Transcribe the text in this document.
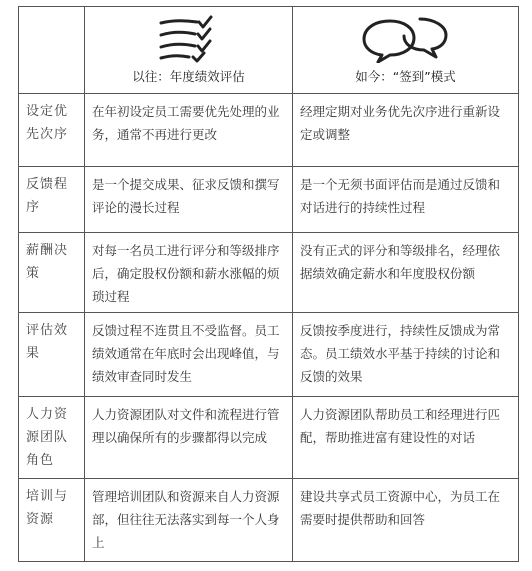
	以往：年度绩效评估	如今：“签到”模式

设定优先次序	在年初设定员工需要优先处理的业务，通常不再进行更改	经理定期对业务优先次序进行重新设定或调整
反馈程序	是一个提交成果、征求反馈和撰写评论的漫长过程	是一个无须书面评估而是通过反馈和对话进行的持续性过程
薪酬决策	对每一名员工进行评分和等级排序后，确定股权份额和薪水涨幅的烦琐过程	没有正式的评分和等级排名，经理依据绩效确定薪水和年度股权份额
评估效果	反馈过程不连贯且不受监督。员工绩效通常在年底时会出现峰值，与绩效审查同时发生	反馈按季度进行，持续性反馈成为常态。员工绩效水平基于持续的讨论和反馈的效果
人力资源团队角色	人力资源团队对文件和流程进行管理以确保所有的步骤都得以完成	人力资源团队帮助员工和经理进行匹配，帮助推进富有建设性的对话
培训与资源	管理培训团队和资源来自人力资源部，但往往无法落实到每一个人身上	建设共享式员工资源中心，为员工在需要时提供帮助和回答
